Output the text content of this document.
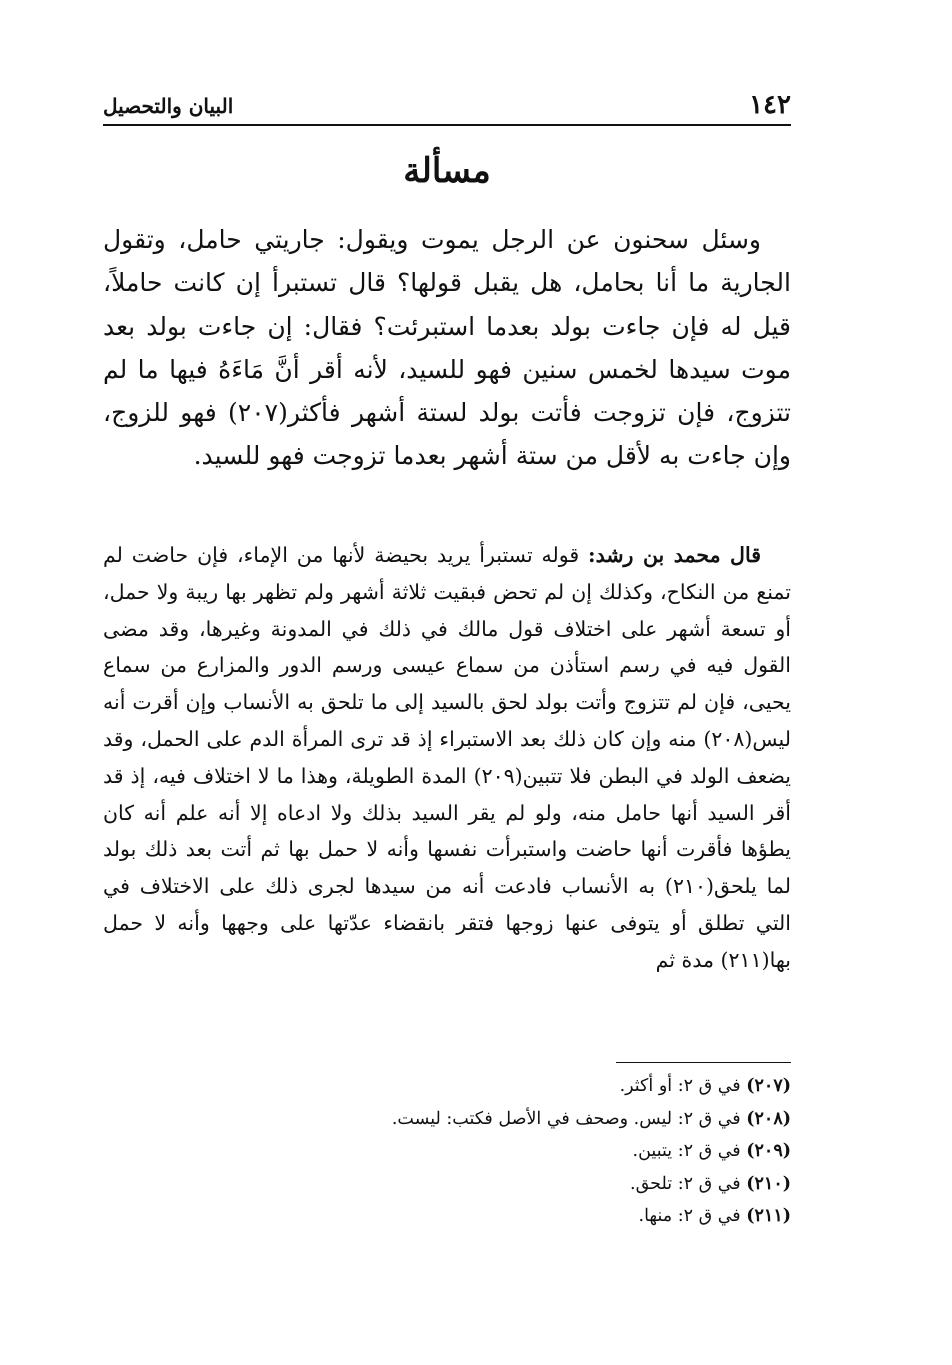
١٤٢
البيان والتحصيل
مسألة

وسئل سحنون عن الرجل يموت ويقول: جاريتي حامل، وتقول الجارية ما أنا بحامل، هل يقبل قولها؟ قال تستبرأ إن كانت حاملاً، قيل له فإن جاءت بولد بعدما استبرئت؟ فقال: إن جاءت بولد بعد موت سيدها لخمس سنين فهو للسيد، لأنه أقر أنَّ مَاءَهُ فيها ما لم تتزوج، فإن تزوجت فأتت بولد لستة أشهر فأكثر(٢٠٧) فهو للزوج، وإن جاءت به لأقل من ستة أشهر بعدما تزوجت فهو للسيد.

قال محمد بن رشد: قوله تستبرأ يريد بحيضة لأنها من الإماء، فإن حاضت لم تمنع من النكاح، وكذلك إن لم تحض فبقيت ثلاثة أشهر ولم تظهر بها ريبة ولا حمل، أو تسعة أشهر على اختلاف قول مالك في ذلك في المدونة وغيرها، وقد مضى القول فيه في رسم استأذن من سماع عيسى ورسم الدور والمزارع من سماع يحيى، فإن لم تتزوج وأتت بولد لحق بالسيد إلى ما تلحق به الأنساب وإن أقرت أنه ليس(٢٠٨) منه وإن كان ذلك بعد الاستبراء إذ قد ترى المرأة الدم على الحمل، وقد يضعف الولد في البطن فلا تتبين(٢٠٩) المدة الطويلة، وهذا ما لا اختلاف فيه، إذ قد أقر السيد أنها حامل منه، ولو لم يقر السيد بذلك ولا ادعاه إلا أنه علم أنه كان يطؤها فأقرت أنها حاضت واستبرأت نفسها وأنه لا حمل بها ثم أتت بعد ذلك بولد لما يلحق(٢١٠) به الأنساب فادعت أنه من سيدها لجرى ذلك على الاختلاف في التي تطلق أو يتوفى عنها زوجها فتقر بانقضاء عدّتها على وجهها وأنه لا حمل بها(٢١١) مدة ثم

(٢٠٧) في ق ٢: أو أكثر.
(٢٠٨) في ق ٢: ليس. وصحف في الأصل فكتب: ليست.
(٢٠٩) في ق ٢: يتبين.
(٢١٠) في ق ٢: تلحق.
(٢١١) في ق ٢: منها.
